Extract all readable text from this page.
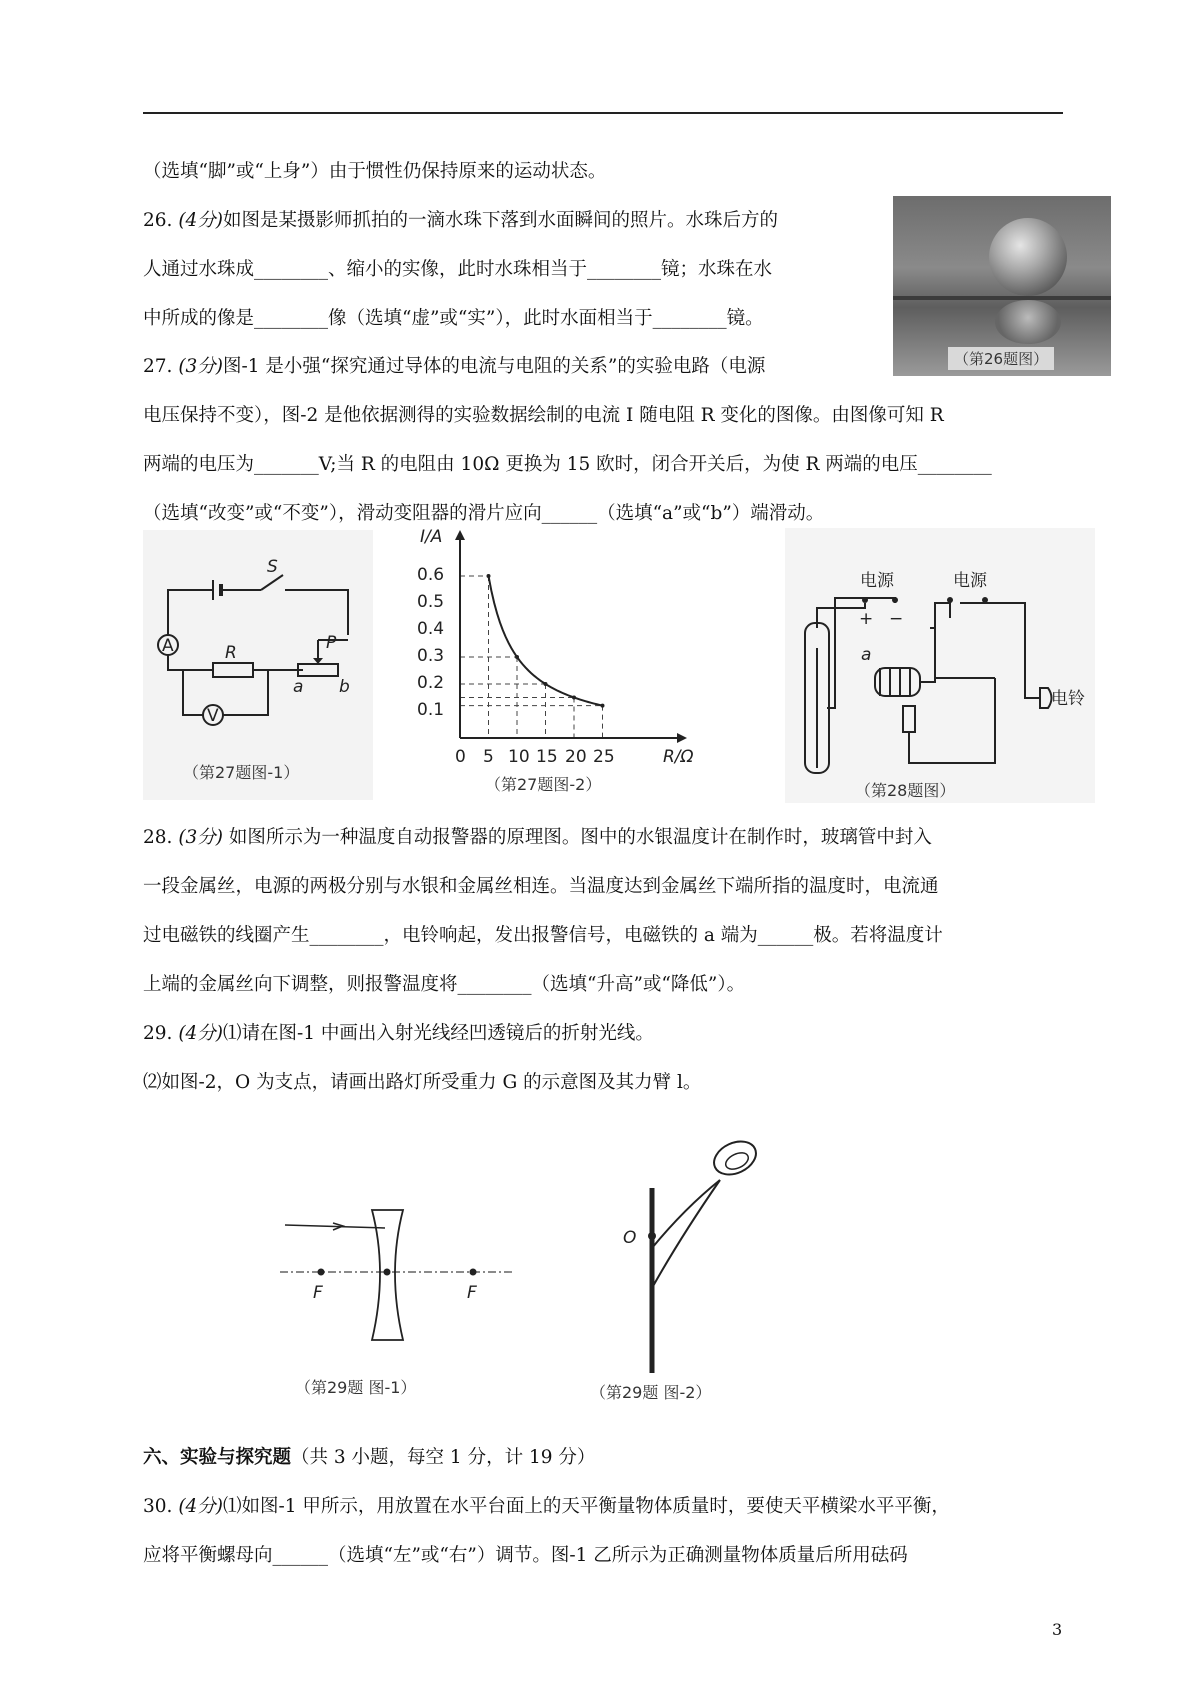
（选填“脚”或“上身”）由于惯性仍保持原来的运动状态。
26. (4分)如图是某摄影师抓拍的一滴水珠下落到水面瞬间的照片。水珠后方的
人通过水珠成________、缩小的实像，此时水珠相当于________镜；水珠在水
中所成的像是________像（选填“虚”或“实”），此时水面相当于________镜。
（第26题图）
27. (3分)图-1 是小强“探究通过导体的电流与电阻的关系”的实验电路（电源
电压保持不变），图-2 是他依据测得的实验数据绘制的电流 I 随电阻 R 变化的图像。由图像可知 R
两端的电压为_______V;当 R 的电阻由 10Ω 更换为 15 欧时，闭合开关后，为使 R 两端的电压________
（选填“改变”或“不变”），滑动变阻器的滑片应向______（选填“a”或“b”）端滑动。
A
V
S
R	P
a b
（第27题图-1）
I/A
R/Ω
0.6
0.5
0.4
0.3
0.2
0.1
0 5 10 15 20 25
（第27题图-2）
电源	电源
+ −
a
电铃
（第28题图）
28. (3分) 如图所示为一种温度自动报警器的原理图。图中的水银温度计在制作时，玻璃管中封入
一段金属丝，电源的两极分别与水银和金属丝相连。当温度达到金属丝下端所指的温度时，电流通
过电磁铁的线圈产生________，电铃响起，发出报警信号，电磁铁的 a 端为______极。若将温度计
上端的金属丝向下调整，则报警温度将________（选填“升高”或“降低”）。
29. (4分)⑴请在图-1 中画出入射光线经凹透镜后的折射光线。
⑵如图-2，O 为支点，请画出路灯所受重力 G 的示意图及其力臂 l。
F	F
（第29题 图-1）
O
（第29题 图-2）
六、实验与探究题（共 3 小题，每空 1 分，计 19 分）
30. (4分)⑴如图-1 甲所示，用放置在水平台面上的天平衡量物体质量时，要使天平横梁水平平衡，
应将平衡螺母向______（选填“左”或“右”）调节。图-1 乙所示为正确测量物体质量后所用砝码
3
